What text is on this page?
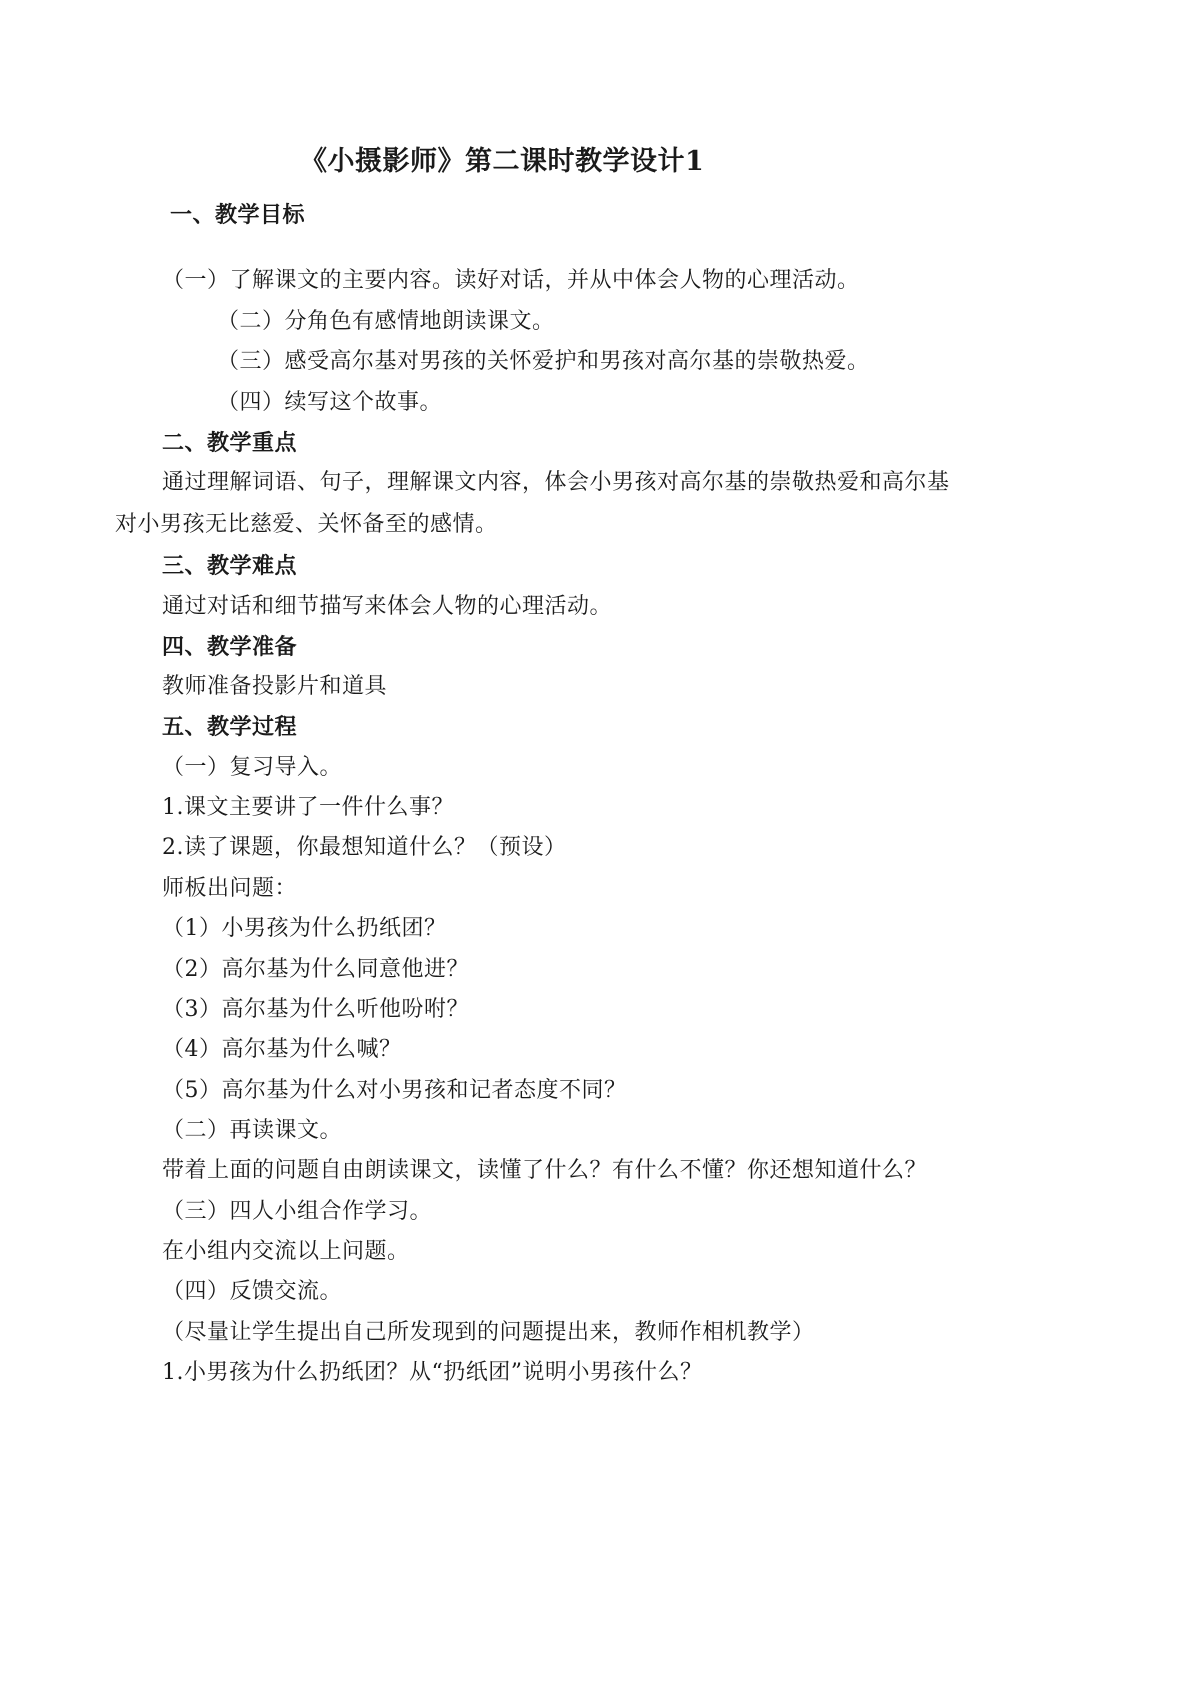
《小摄影师》第二课时教学设计1
一、教学目标
（一）了解课文的主要内容。读好对话，并从中体会人物的心理活动。
（二）分角色有感情地朗读课文。
（三）感受高尔基对男孩的关怀爱护和男孩对高尔基的崇敬热爱。
（四）续写这个故事。
二、教学重点
通过理解词语、句子，理解课文内容，体会小男孩对高尔基的崇敬热爱和高尔基
对小男孩无比慈爱、关怀备至的感情。
三、教学难点
通过对话和细节描写来体会人物的心理活动。
四、教学准备
教师准备投影片和道具
五、教学过程
（一）复习导入。
1.课文主要讲了一件什么事？
2.读了课题，你最想知道什么？（预设）
师板出问题：
（1）小男孩为什么扔纸团？
（2）高尔基为什么同意他进？
（3）高尔基为什么听他吩咐？
（4）高尔基为什么喊？
（5）高尔基为什么对小男孩和记者态度不同？
（二）再读课文。
带着上面的问题自由朗读课文，读懂了什么？有什么不懂？你还想知道什么？
（三）四人小组合作学习。
在小组内交流以上问题。
（四）反馈交流。
（尽量让学生提出自己所发现到的问题提出来，教师作相机教学）
1.小男孩为什么扔纸团？从“扔纸团”说明小男孩什么？
